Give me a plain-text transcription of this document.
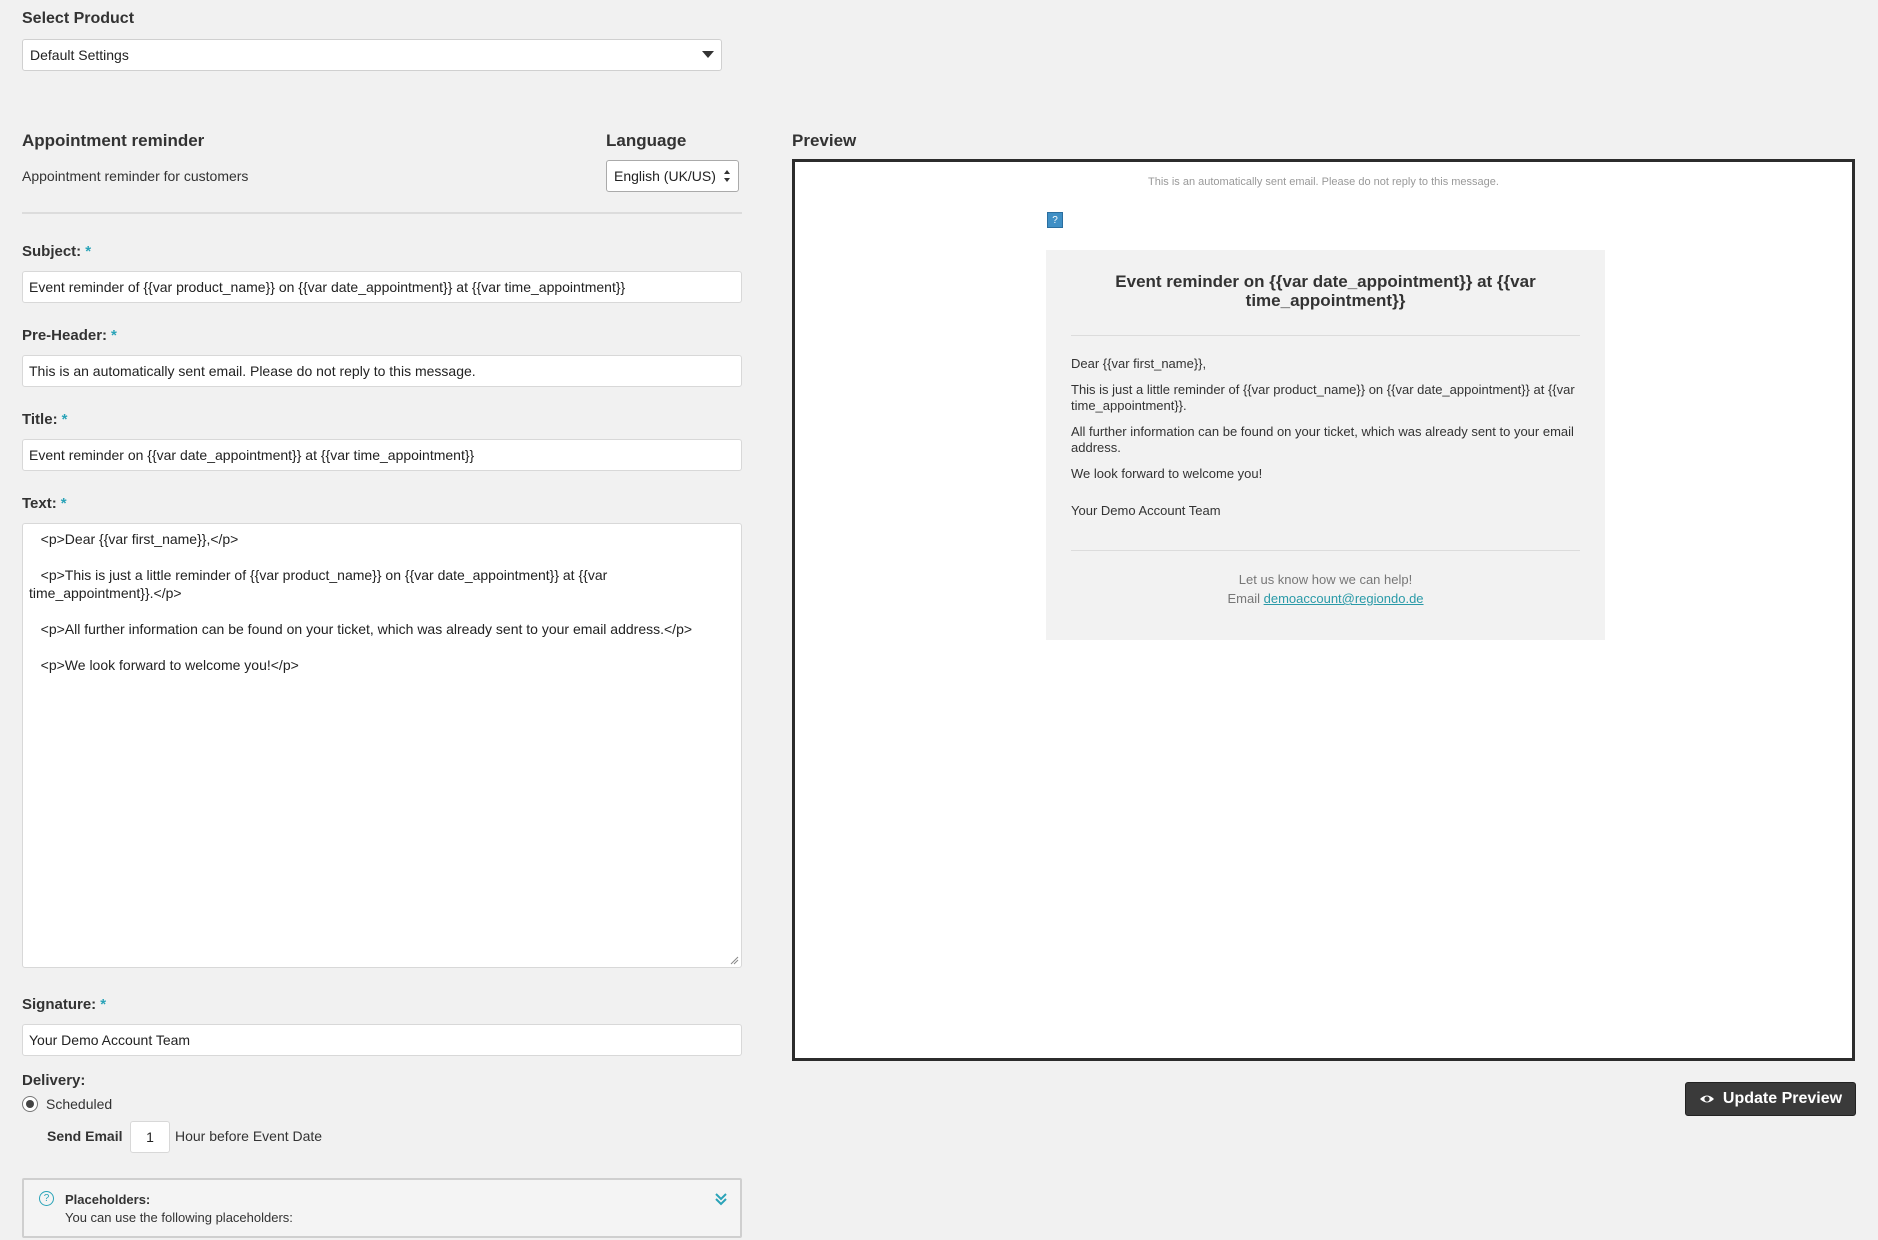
Select Product
Default Settings
Appointment reminder
Appointment reminder for customers
Language
English (UK/US)
Subject: *
Event reminder of {{var product_name}} on {{var date_appointment}} at {{var time_appointment}}
Pre-Header: *
This is an automatically sent email. Please do not reply to this message.
Title: *
Event reminder on {{var date_appointment}} at {{var time_appointment}}
Text: *

<p>Dear {{var first_name}},</p>

<p>This is just a little reminder of {{var product_name}} on {{var date_appointment}} at {{var time_appointment}}.</p>

<p>All further information can be found on your ticket, which was already sent to your email address.</p>

<p>We look forward to welcome you!</p>

Signature: *
Your Demo Account Team
Delivery:
Scheduled
Send Email	1	Hour before Event Date
?	Placeholders:
You can use the following placeholders:
Preview
This is an automatically sent email. Please do not reply to this message.
?
Event reminder on {{var date_appointment}} at {{var time_appointment}}

Dear {{var first_name}},

This is just a little reminder of {{var product_name}} on {{var date_appointment}} at {{var time_appointment}}.

All further information can be found on your ticket, which was already sent to your email address.

We look forward to welcome you!

Your Demo Account Team

Let us know how we can help!
Email demoaccount@regiondo.de
Update Preview
